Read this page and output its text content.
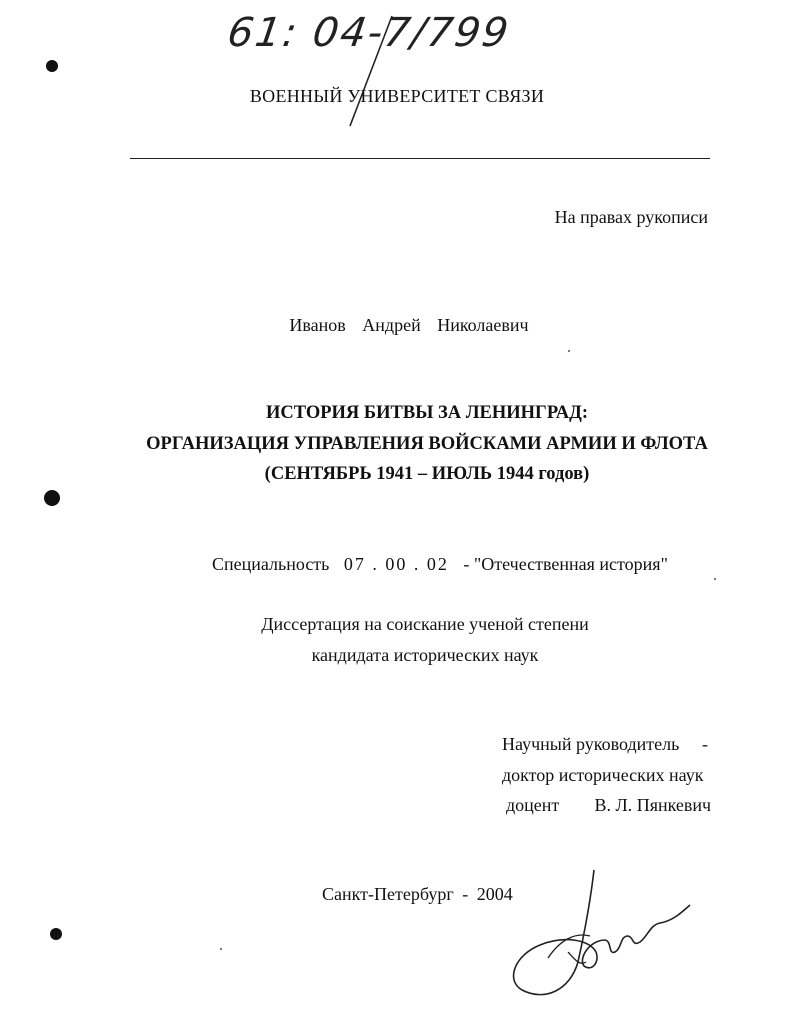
61: 04-7/799
ВОЕННЫЙ УНИВЕРСИТЕТ СВЯЗИ
На правах рукописи
Иванов Андрей Николаевич
ИСТОРИЯ БИТВЫ ЗА ЛЕНИНГРАД:
ОРГАНИЗАЦИЯ УПРАВЛЕНИЯ ВОЙСКАМИ АРМИИ И ФЛОТА
(СЕНТЯБРЬ 1941 – ИЮЛЬ 1944 годов)
Специальность 07 . 00 . 02 - "Отечественная история"
Диссертация на соискание ученой степени
кандидата исторических наук
Научный руководитель -
доктор исторических наук
доцент В. Л. Пянкевич
Санкт-Петербург - 2004
